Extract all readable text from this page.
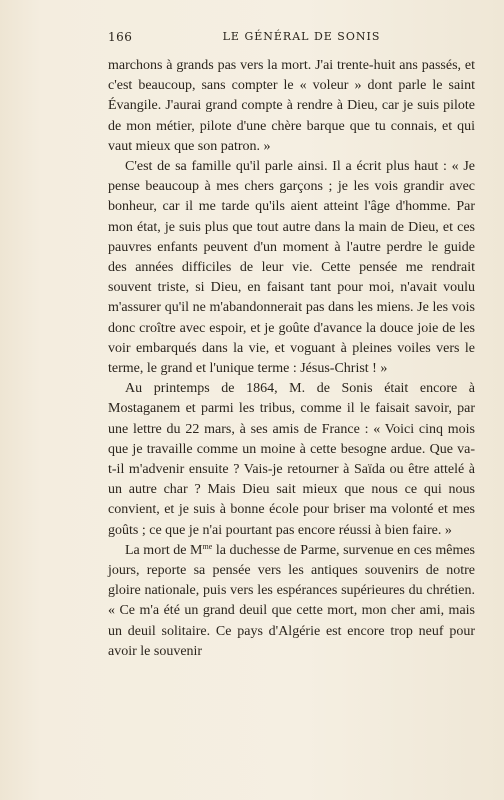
166	LE GÉNÉRAL DE SONIS

marchons à grands pas vers la mort. J'ai trente-huit ans passés, et c'est beaucoup, sans compter le « voleur » dont parle le saint Évangile. J'aurai grand compte à rendre à Dieu, car je suis pilote de mon métier, pilote d'une chère barque que tu connais, et qui vaut mieux que son patron. »

C'est de sa famille qu'il parle ainsi. Il a écrit plus haut : « Je pense beaucoup à mes chers garçons ; je les vois grandir avec bonheur, car il me tarde qu'ils aient atteint l'âge d'homme. Par mon état, je suis plus que tout autre dans la main de Dieu, et ces pauvres enfants peuvent d'un moment à l'autre perdre le guide des années difficiles de leur vie. Cette pensée me rendrait souvent triste, si Dieu, en faisant tant pour moi, n'avait voulu m'assurer qu'il ne m'abandonnerait pas dans les miens. Je les vois donc croître avec espoir, et je goûte d'avance la douce joie de les voir embarqués dans la vie, et voguant à pleines voiles vers le terme, le grand et l'unique terme : Jésus-Christ ! »

Au printemps de 1864, M. de Sonis était encore à Mostaganem et parmi les tribus, comme il le faisait savoir, par une lettre du 22 mars, à ses amis de France : « Voici cinq mois que je travaille comme un moine à cette besogne ardue. Que va-t-il m'advenir ensuite ? Vais-je retourner à Saïda ou être attelé à un autre char ? Mais Dieu sait mieux que nous ce qui nous convient, et je suis à bonne école pour briser ma volonté et mes goûts ; ce que je n'ai pourtant pas encore réussi à bien faire. »

La mort de $M^{me}$ la duchesse de Parme, survenue en ces mêmes jours, reporte sa pensée vers les antiques souvenirs de notre gloire nationale, puis vers les espérances supérieures du chrétien. « Ce m'a été un grand deuil que cette mort, mon cher ami, mais un deuil solitaire. Ce pays d'Algérie est encore trop neuf pour avoir le souvenir
